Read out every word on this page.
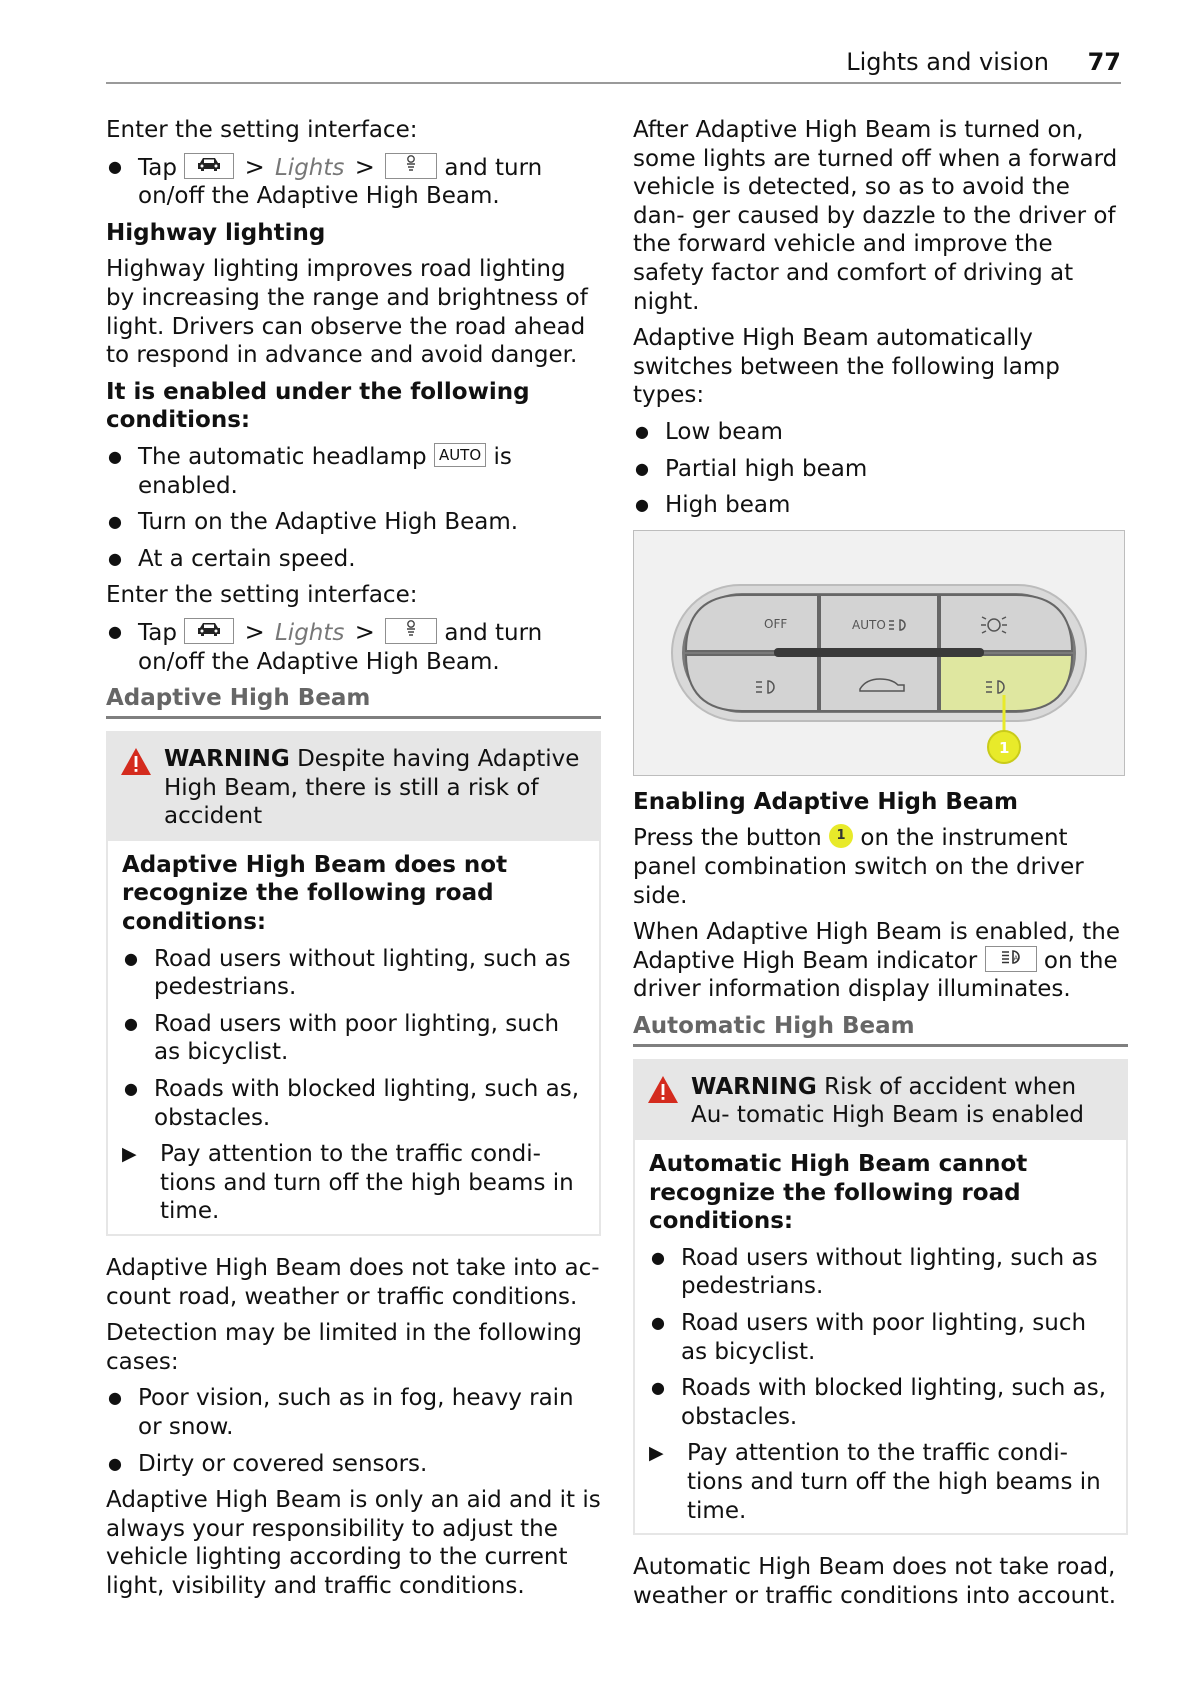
Lights and vision 77

Enter the setting interface:

● Tap	> Lights >	and turn on/off the Adaptive High Beam.

Highway lighting

Highway lighting improves road lighting by increasing the range and brightness of light. Drivers can observe the road ahead to respond in advance and avoid danger.

It is enabled under the following conditions:

● The automatic headlamp AUTO is enabled.
● Turn on the Adaptive High Beam.
● At a certain speed.

Enter the setting interface:

● Tap	> Lights >	and turn on/off the Adaptive High Beam.
Adaptive High Beam
WARNING Despite having Adaptive High Beam, there is still a risk of accident

Adaptive High Beam does not recognize the following road conditions:

● Road users without lighting, such as pedestrians.
● Road users with poor lighting, such as bicyclist.
● Roads with blocked lighting, such as, obstacles.
▶ Pay attention to the traffic condi- tions and turn off the high beams in time.

Adaptive High Beam does not take into ac- count road, weather or traffic conditions.

Detection may be limited in the following cases:

● Poor vision, such as in fog, heavy rain or snow.
● Dirty or covered sensors.

Adaptive High Beam is only an aid and it is always your responsibility to adjust the vehicle lighting according to the current light, visibility and traffic conditions.

After Adaptive High Beam is turned on, some lights are turned off when a forward vehicle is detected, so as to avoid the dan- ger caused by dazzle to the driver of the forward vehicle and improve the safety factor and comfort of driving at night.

Adaptive High Beam automatically switches between the following lamp types:

● Low beam
● Partial high beam
● High beam
OFF	AUTO
1

Enabling Adaptive High Beam

Press the button 1 on the instrument panel combination switch on the driver side.

When Adaptive High Beam is enabled, the Adaptive High Beam indicator	A on the driver information display illuminates.

Automatic High Beam
WARNING Risk of accident when Au- tomatic High Beam is enabled

Automatic High Beam cannot recognize the following road conditions:

● Road users without lighting, such as pedestrians.
● Road users with poor lighting, such as bicyclist.
● Roads with blocked lighting, such as, obstacles.
▶ Pay attention to the traffic condi- tions and turn off the high beams in time.

Automatic High Beam does not take road, weather or traffic conditions into account.
